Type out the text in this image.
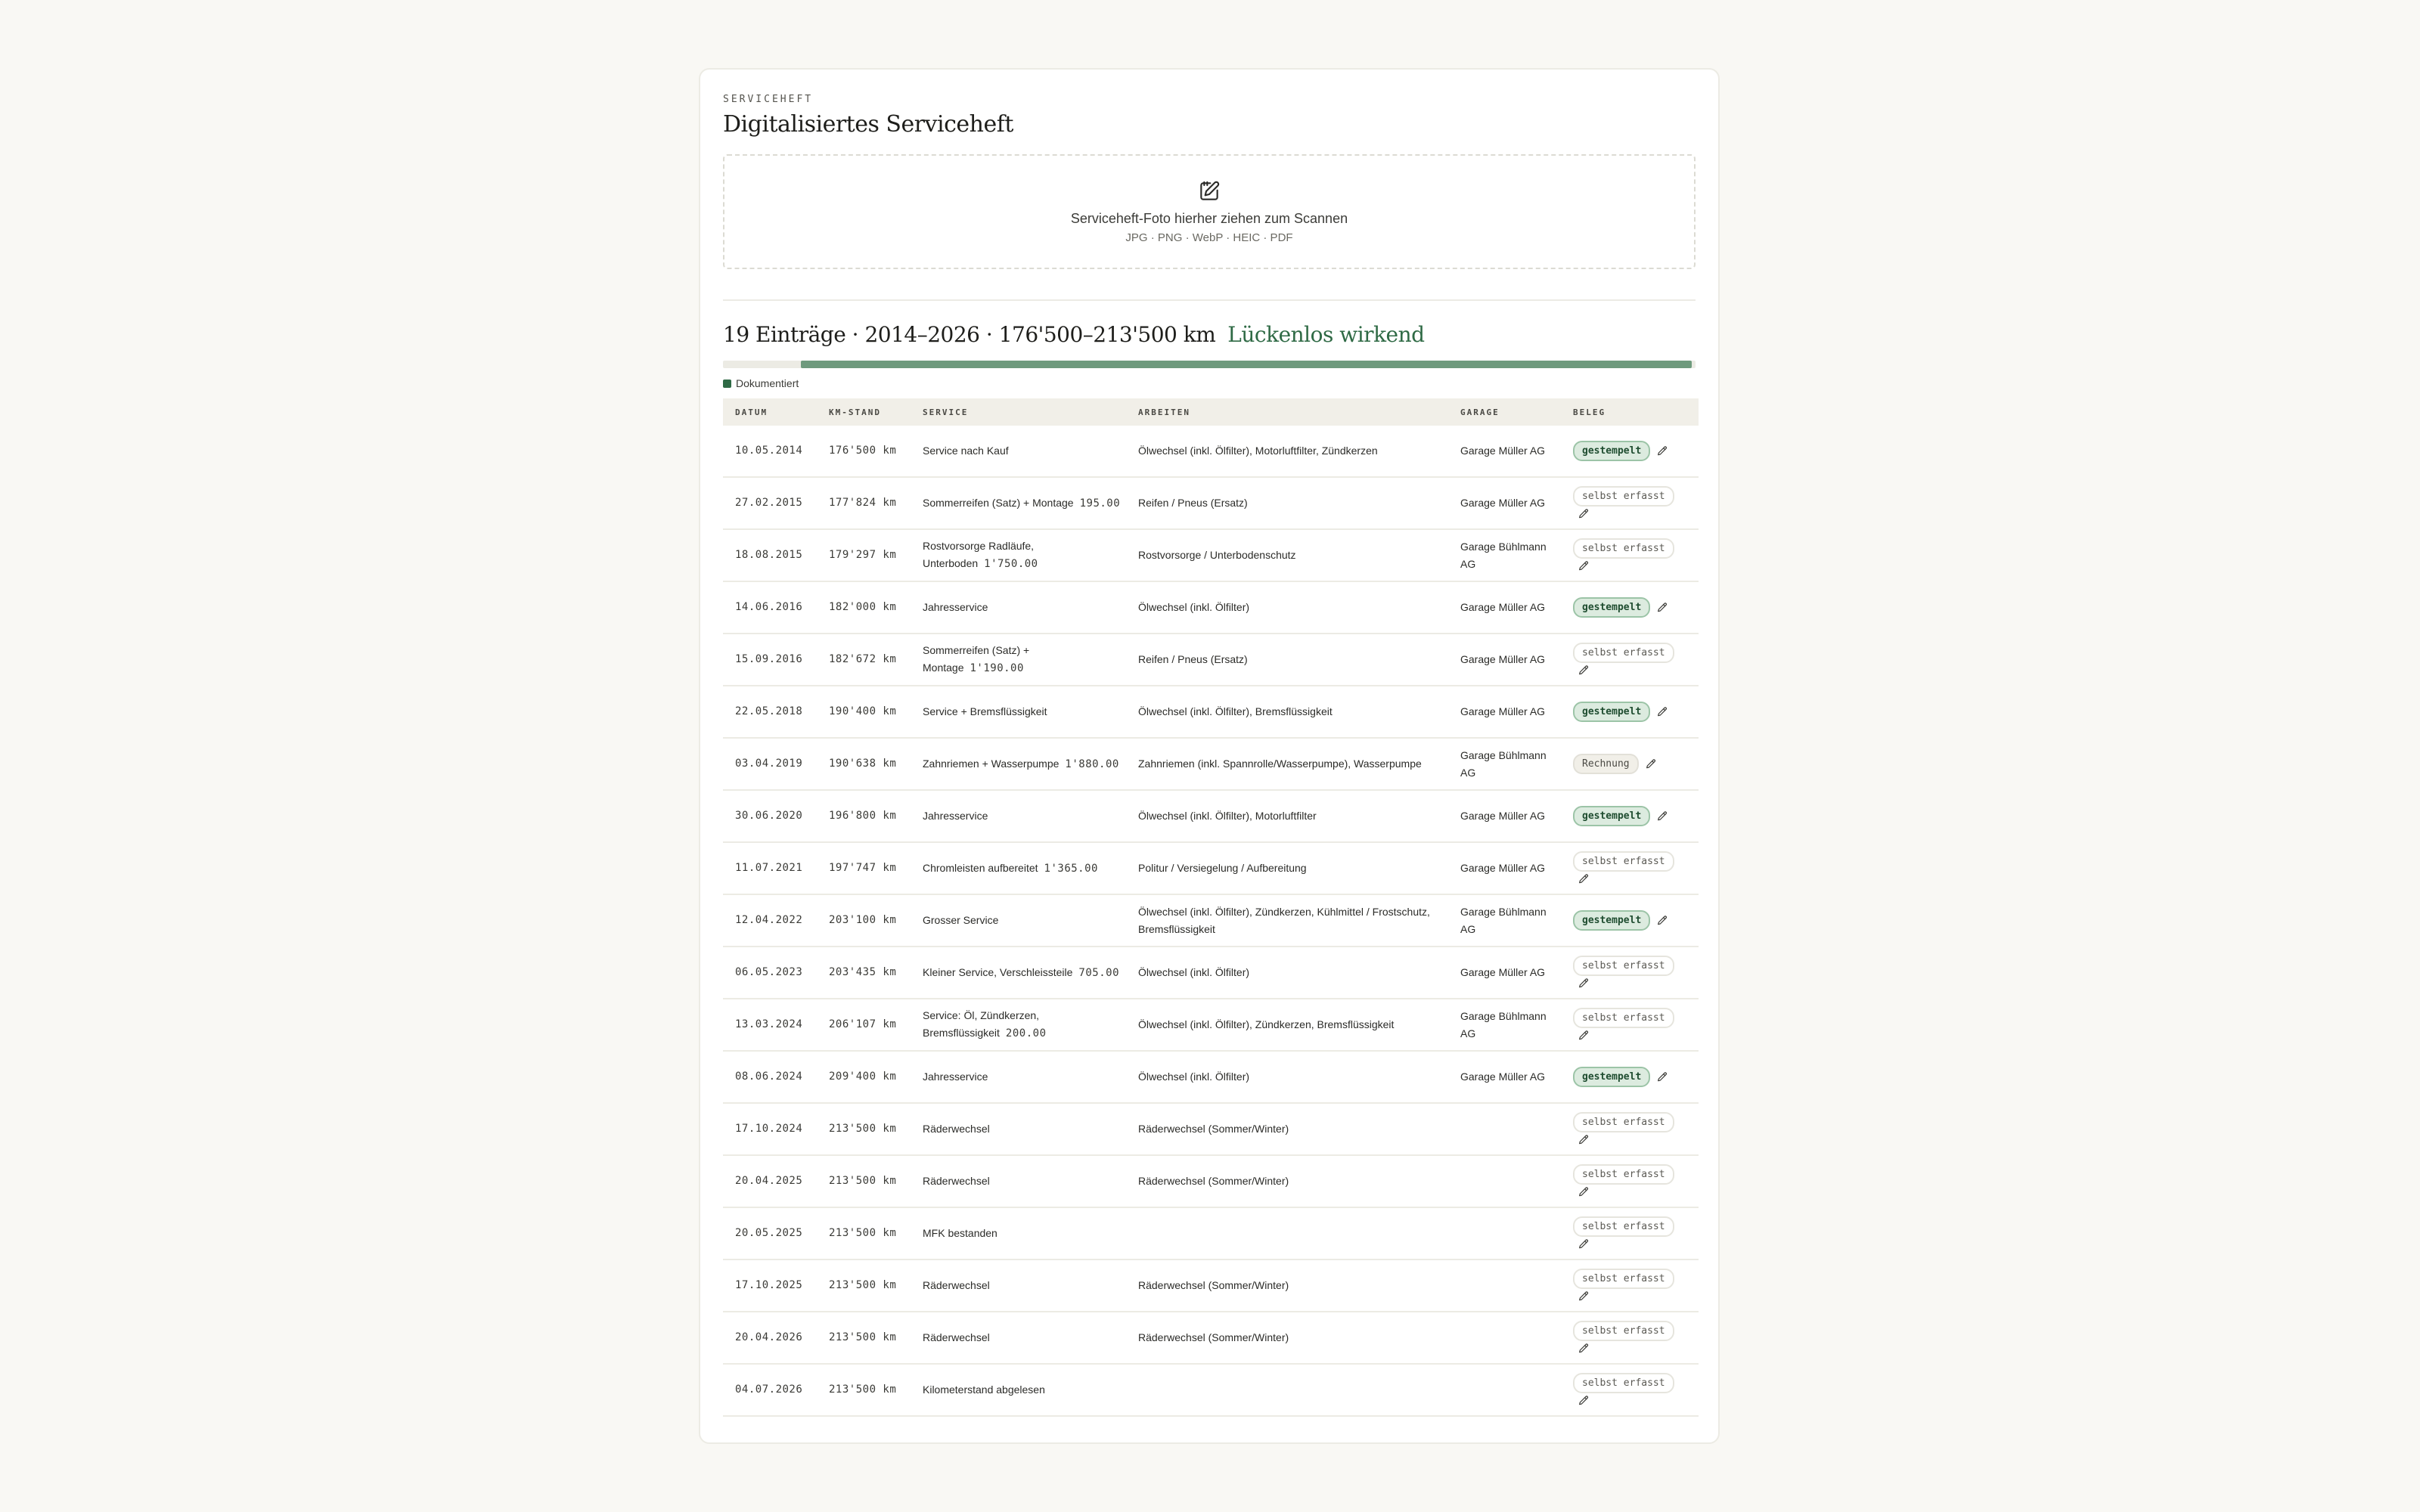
SERVICEHEFT
Digitalisiertes Serviceheft
Serviceheft-Foto hierher ziehen zum Scannen
JPG · PNG · WebP · HEIC · PDF
19 Einträge · 2014–2026 · 176'500–213'500 km Lückenlos wirkend
Dokumentiert
DATUM	KM-STAND	SERVICE	ARBEITEN	GARAGE	BELEG
10.05.2014	176'500 km	Service nach Kauf	Ölwechsel (inkl. Ölfilter), Motorluftfilter, Zündkerzen	Garage Müller AG	gestempelt
27.02.2015	177'824 km	Sommerreifen (Satz) + Montage 195.00	Reifen / Pneus (Ersatz)	Garage Müller AG	selbst erfasst

18.08.2015	179'297 km	Rostvorsorge Radläufe, Unterboden 1'750.00	Rostvorsorge / Unterbodenschutz	Garage Bühlmann AG	selbst erfasst

14.06.2016	182'000 km	Jahresservice	Ölwechsel (inkl. Ölfilter)	Garage Müller AG	gestempelt
15.09.2016	182'672 km	Sommerreifen (Satz) + Montage 1'190.00	Reifen / Pneus (Ersatz)	Garage Müller AG	selbst erfasst

22.05.2018	190'400 km	Service + Bremsflüssigkeit	Ölwechsel (inkl. Ölfilter), Bremsflüssigkeit	Garage Müller AG	gestempelt
03.04.2019	190'638 km	Zahnriemen + Wasserpumpe 1'880.00	Zahnriemen (inkl. Spannrolle/Wasserpumpe), Wasserpumpe	Garage Bühlmann AG	Rechnung
30.06.2020	196'800 km	Jahresservice	Ölwechsel (inkl. Ölfilter), Motorluftfilter	Garage Müller AG	gestempelt
11.07.2021	197'747 km	Chromleisten aufbereitet 1'365.00	Politur / Versiegelung / Aufbereitung	Garage Müller AG	selbst erfasst

12.04.2022	203'100 km	Grosser Service	Ölwechsel (inkl. Ölfilter), Zündkerzen, Kühlmittel / Frostschutz, Bremsflüssigkeit	Garage Bühlmann AG	gestempelt
06.05.2023	203'435 km	Kleiner Service, Verschleissteile 705.00	Ölwechsel (inkl. Ölfilter)	Garage Müller AG	selbst erfasst

13.03.2024	206'107 km	Service: Öl, Zündkerzen, Bremsflüssigkeit 200.00	Ölwechsel (inkl. Ölfilter), Zündkerzen, Bremsflüssigkeit	Garage Bühlmann AG	selbst erfasst

08.06.2024	209'400 km	Jahresservice	Ölwechsel (inkl. Ölfilter)	Garage Müller AG	gestempelt
17.10.2024	213'500 km	Räderwechsel	Räderwechsel (Sommer/Winter)		selbst erfasst

20.04.2025	213'500 km	Räderwechsel	Räderwechsel (Sommer/Winter)		selbst erfasst

20.05.2025	213'500 km	MFK bestanden			selbst erfasst

17.10.2025	213'500 km	Räderwechsel	Räderwechsel (Sommer/Winter)		selbst erfasst

20.04.2026	213'500 km	Räderwechsel	Räderwechsel (Sommer/Winter)		selbst erfasst

04.07.2026	213'500 km	Kilometerstand abgelesen			selbst erfasst
